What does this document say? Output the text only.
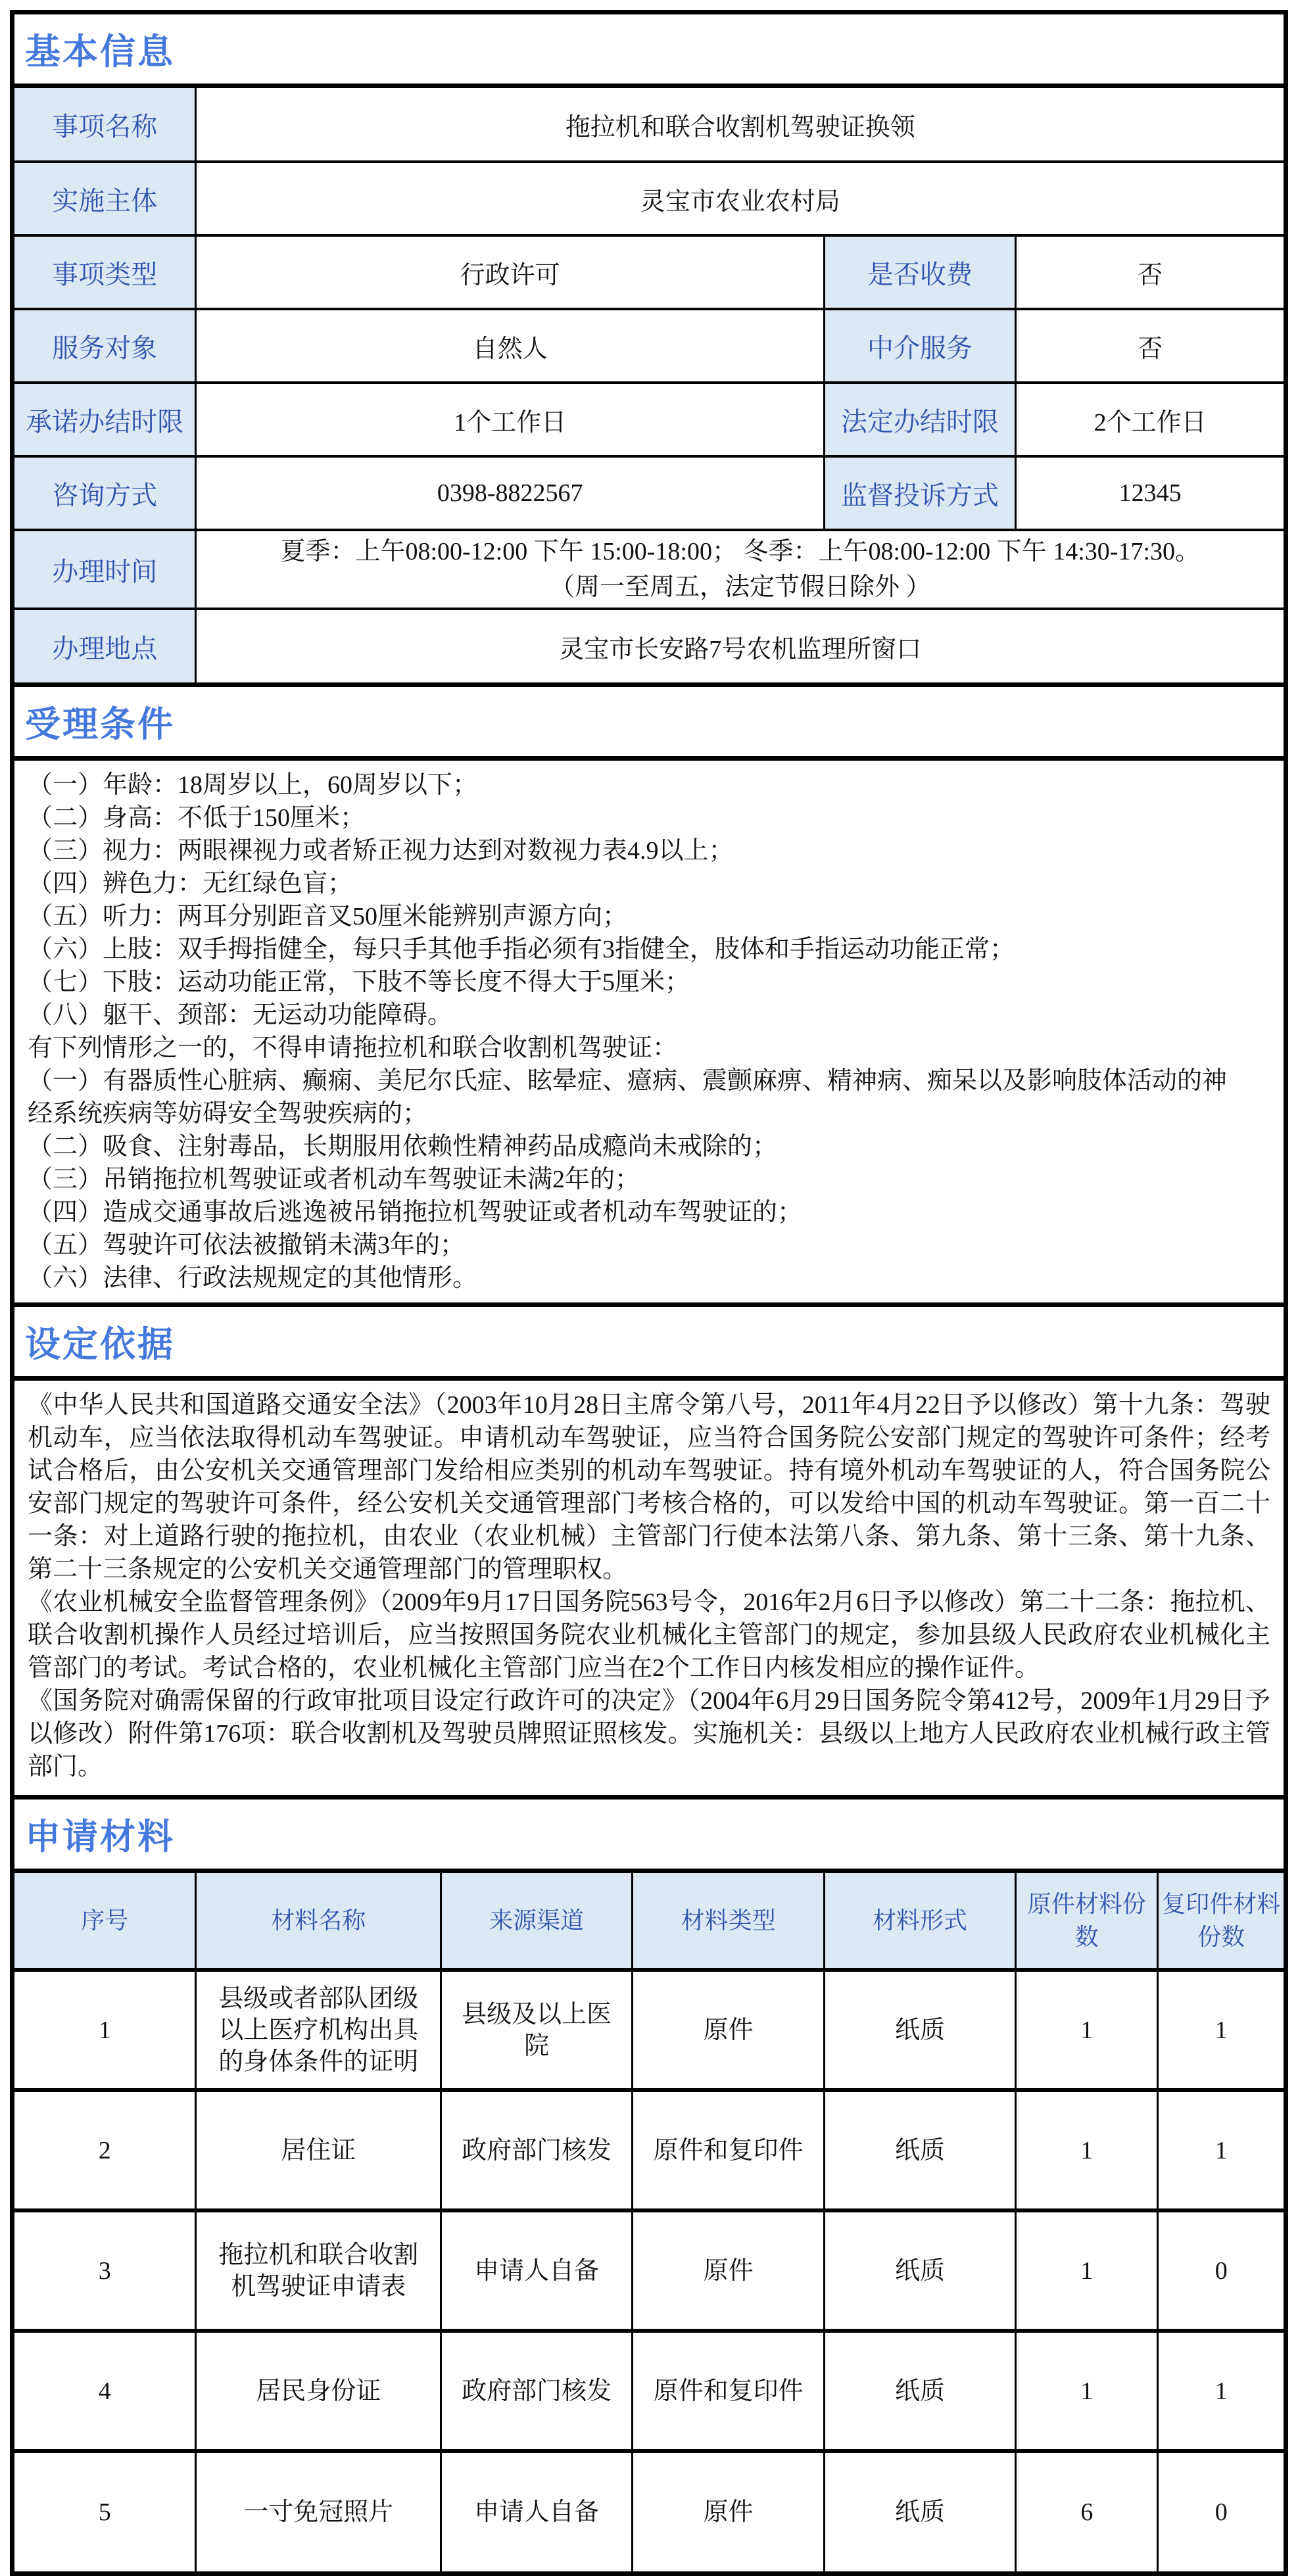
基本信息
事项名称	拖拉机和联合收割机驾驶证换领		
实施主体	灵宝市农业农村局		
事项类型	行政许可	是否收费	否
服务对象	自然人	中介服务	否
承诺办结时限	1个工作日	法定办结时限	2个工作日
咨询方式	0398-8822567	监督投诉方式	12345
办理时间	夏季：上午08:00-12:00 下午 15:00-18:00； 冬季：上午08:00-12:00 下午 14:30-17:30。
（周一至周五，法定节假日除外 ）		

办理地点	灵宝市长安路7号农机监理所窗口		
受理条件
（一）年龄：18周岁以上，60周岁以下；
（二）身高：不低于150厘米；
（三）视力：两眼裸视力或者矫正视力达到对数视力表4.9以上；
（四）辨色力：无红绿色盲；
（五）听力：两耳分别距音叉50厘米能辨别声源方向；
（六）上肢：双手拇指健全，每只手其他手指必须有3指健全，肢体和手指运动功能正常；
（七）下肢：运动功能正常，下肢不等长度不得大于5厘米；
（八）躯干、颈部：无运动功能障碍。
有下列情形之一的，不得申请拖拉机和联合收割机驾驶证：
（一）有器质性心脏病、癫痫、美尼尔氏症、眩晕症、癔病、震颤麻痹、精神病、痴呆以及影响肢体活动的神
经系统疾病等妨碍安全驾驶疾病的；
（二）吸食、注射毒品，长期服用依赖性精神药品成瘾尚未戒除的；
（三）吊销拖拉机驾驶证或者机动车驾驶证未满2年的；
（四）造成交通事故后逃逸被吊销拖拉机驾驶证或者机动车驾驶证的；
（五）驾驶许可依法被撤销未满3年的；
（六）法律、行政法规规定的其他情形。
设定依据
《中华人民共和国道路交通安全法》（2003年10月28日主席令第八号，2011年4月22日予以修改）第十九条：驾驶机动车，应当依法取得机动车驾驶证。申请机动车驾驶证，应当符合国务院公安部门规定的驾驶许可条件；经考试合格后，由公安机关交通管理部门发给相应类别的机动车驾驶证。持有境外机动车驾驶证的人，符合国务院公安部门规定的驾驶许可条件，经公安机关交通管理部门考核合格的，可以发给中国的机动车驾驶证。第一百二十一条：对上道路行驶的拖拉机，由农业（农业机械）主管部门行使本法第八条、第九条、第十三条、第十九条、第二十三条规定的公安机关交通管理部门的管理职权。
《农业机械安全监督管理条例》（2009年9月17日国务院563号令，2016年2月6日予以修改）第二十二条：拖拉机、联合收割机操作人员经过培训后，应当按照国务院农业机械化主管部门的规定，参加县级人民政府农业机械化主管部门的考试。考试合格的，农业机械化主管部门应当在2个工作日内核发相应的操作证件。
《国务院对确需保留的行政审批项目设定行政许可的决定》（2004年6月29日国务院令第412号，2009年1月29日予以修改）附件第176项：联合收割机及驾驶员牌照证照核发。实施机关：县级以上地方人民政府农业机械行政主管部门。
申请材料
序号	材料名称	来源渠道	材料类型	材料形式	原件材料份数	复印件材料份数
1	县级或者部队团级以上医疗机构出具的身体条件的证明	县级及以上医院	原件	纸质	1	1
2	居住证	政府部门核发	原件和复印件	纸质	1	1
3	拖拉机和联合收割机驾驶证申请表	申请人自备	原件	纸质	1	0
4	居民身份证	政府部门核发	原件和复印件	纸质	1	1
5	一寸免冠照片	申请人自备	原件	纸质	6	0
